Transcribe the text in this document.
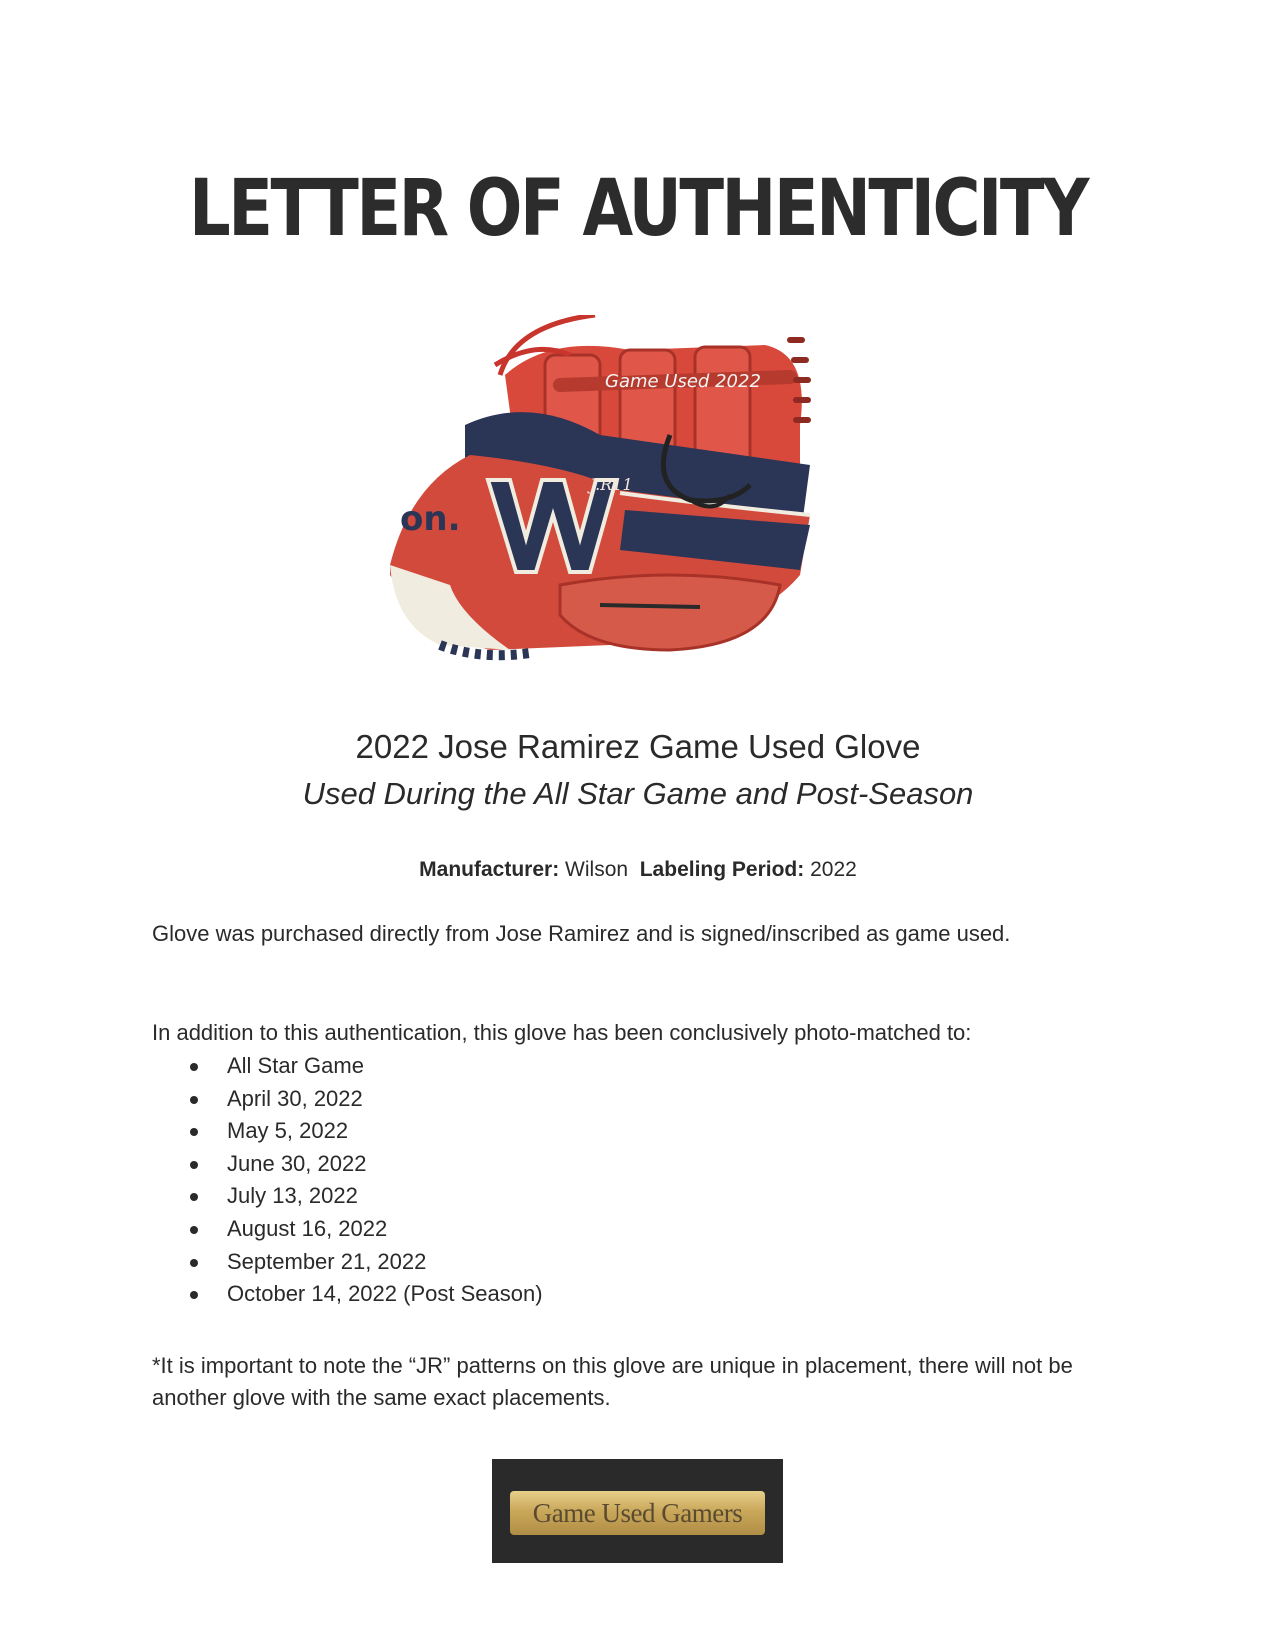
LETTER OF AUTHENTICITY
Game Used 2022
on.
J.R11
2022 Jose Ramirez Game Used Glove
Used During the All Star Game and Post-Season
Manufacturer: Wilson Labeling Period: 2022
Glove was purchased directly from Jose Ramirez and is signed/inscribed as game used.
In addition to this authentication, this glove has been conclusively photo-matched to:
All Star Game
April 30, 2022
May 5, 2022
June 30, 2022
July 13, 2022
August 16, 2022
September 21, 2022
October 14, 2022 (Post Season)
*It is important to note the “JR” patterns on this glove are unique in placement, there will not be another glove with the same exact placements.
Game Used Gamers
